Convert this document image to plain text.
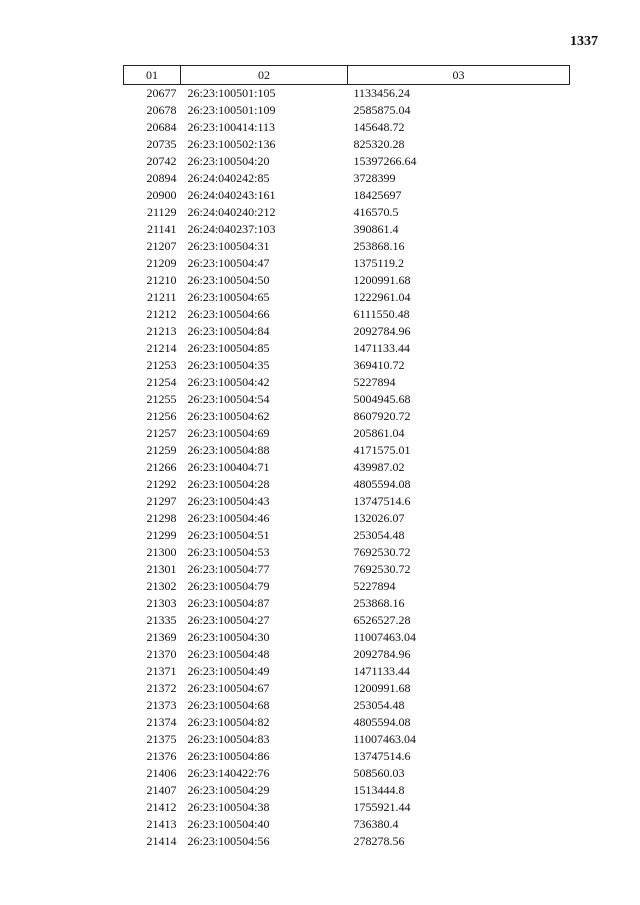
1337
01	02	03
20677	26:23:100501:105	1133456.24
20678	26:23:100501:109	2585875.04
20684	26:23:100414:113	145648.72
20735	26:23:100502:136	825320.28
20742	26:23:100504:20	15397266.64
20894	26:24:040242:85	3728399
20900	26:24:040243:161	18425697
21129	26:24:040240:212	416570.5
21141	26:24:040237:103	390861.4
21207	26:23:100504:31	253868.16
21209	26:23:100504:47	1375119.2
21210	26:23:100504:50	1200991.68
21211	26:23:100504:65	1222961.04
21212	26:23:100504:66	6111550.48
21213	26:23:100504:84	2092784.96
21214	26:23:100504:85	1471133.44
21253	26:23:100504:35	369410.72
21254	26:23:100504:42	5227894
21255	26:23:100504:54	5004945.68
21256	26:23:100504:62	8607920.72
21257	26:23:100504:69	205861.04
21259	26:23:100504:88	4171575.01
21266	26:23:100404:71	439987.02
21292	26:23:100504:28	4805594.08
21297	26:23:100504:43	13747514.6
21298	26:23:100504:46	132026.07
21299	26:23:100504:51	253054.48
21300	26:23:100504:53	7692530.72
21301	26:23:100504:77	7692530.72
21302	26:23:100504:79	5227894
21303	26:23:100504:87	253868.16
21335	26:23:100504:27	6526527.28
21369	26:23:100504:30	11007463.04
21370	26:23:100504:48	2092784.96
21371	26:23:100504:49	1471133.44
21372	26:23:100504:67	1200991.68
21373	26:23:100504:68	253054.48
21374	26:23:100504:82	4805594.08
21375	26:23:100504:83	11007463.04
21376	26:23:100504:86	13747514.6
21406	26:23:140422:76	508560.03
21407	26:23:100504:29	1513444.8
21412	26:23:100504:38	1755921.44
21413	26:23:100504:40	736380.4
21414	26:23:100504:56	278278.56
